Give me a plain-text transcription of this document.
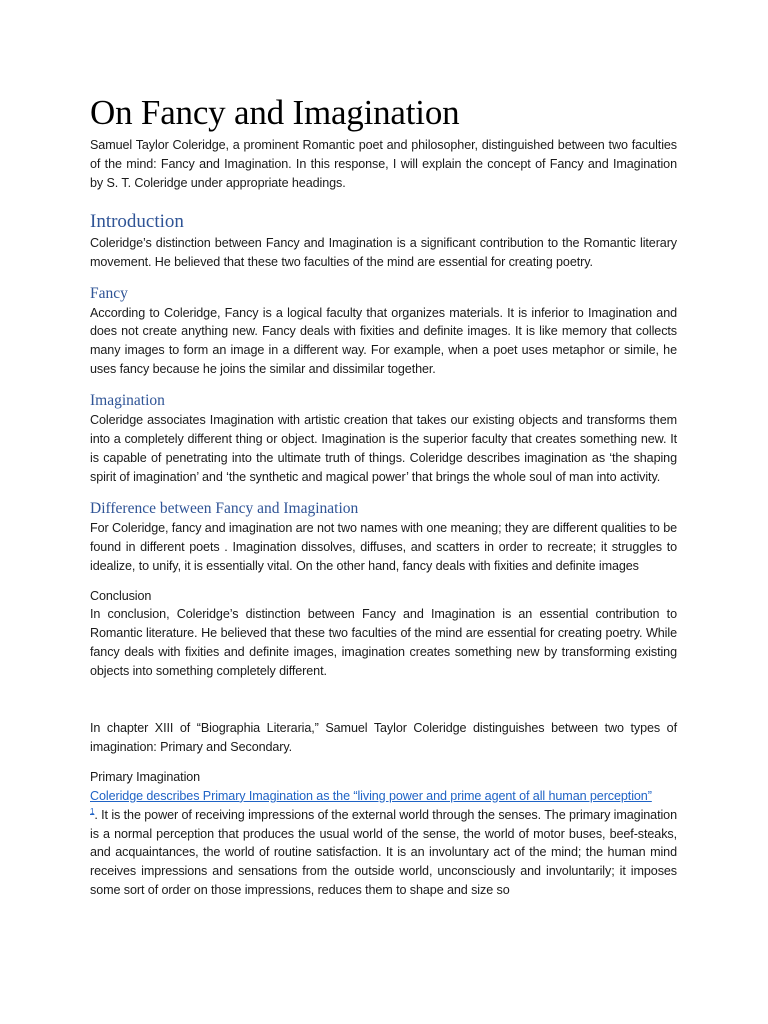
On Fancy and Imagination

Samuel Taylor Coleridge, a prominent Romantic poet and philosopher, distinguished between two faculties of the mind: Fancy and Imagination. In this response, I will explain the concept of Fancy and Imagination by S. T. Coleridge under appropriate headings.

Introduction

Coleridge’s distinction between Fancy and Imagination is a significant contribution to the Romantic literary movement. He believed that these two faculties of the mind are essential for creating poetry.

Fancy

According to Coleridge, Fancy is a logical faculty that organizes materials. It is inferior to Imagination and does not create anything new. Fancy deals with fixities and definite images. It is like memory that collects many images to form an image in a different way. For example, when a poet uses metaphor or simile, he uses fancy because he joins the similar and dissimilar together.

Imagination

Coleridge associates Imagination with artistic creation that takes our existing objects and transforms them into a completely different thing or object. Imagination is the superior faculty that creates something new. It is capable of penetrating into the ultimate truth of things. Coleridge describes imagination as ‘the shaping spirit of imagination’ and ‘the synthetic and magical power’ that brings the whole soul of man into activity.

Difference between Fancy and Imagination

For Coleridge, fancy and imagination are not two names with one meaning; they are different qualities to be found in different poets . Imagination dissolves, diffuses, and scatters in order to recreate; it struggles to idealize, to unify, it is essentially vital. On the other hand, fancy deals with fixities and definite images

Conclusion

In conclusion, Coleridge’s distinction between Fancy and Imagination is an essential contribution to Romantic literature. He believed that these two faculties of the mind are essential for creating poetry. While fancy deals with fixities and definite images, imagination creates something new by transforming existing objects into something completely different.

In chapter XIII of “Biographia Literaria,” Samuel Taylor Coleridge distinguishes between two types of imagination: Primary and Secondary.

Primary Imagination

Coleridge describes Primary Imagination as the “living power and prime agent of all human perception”
$^1$. It is the power of receiving impressions of the external world through the senses. The primary imagination is a normal perception that produces the usual world of the sense, the world of motor buses, beef-steaks, and acquaintances, the world of routine satisfaction. It is an involuntary act of the mind; the human mind receives impressions and sensations from the outside world, unconsciously and involuntarily; it imposes some sort of order on those impressions, reduces them to shape and size so
